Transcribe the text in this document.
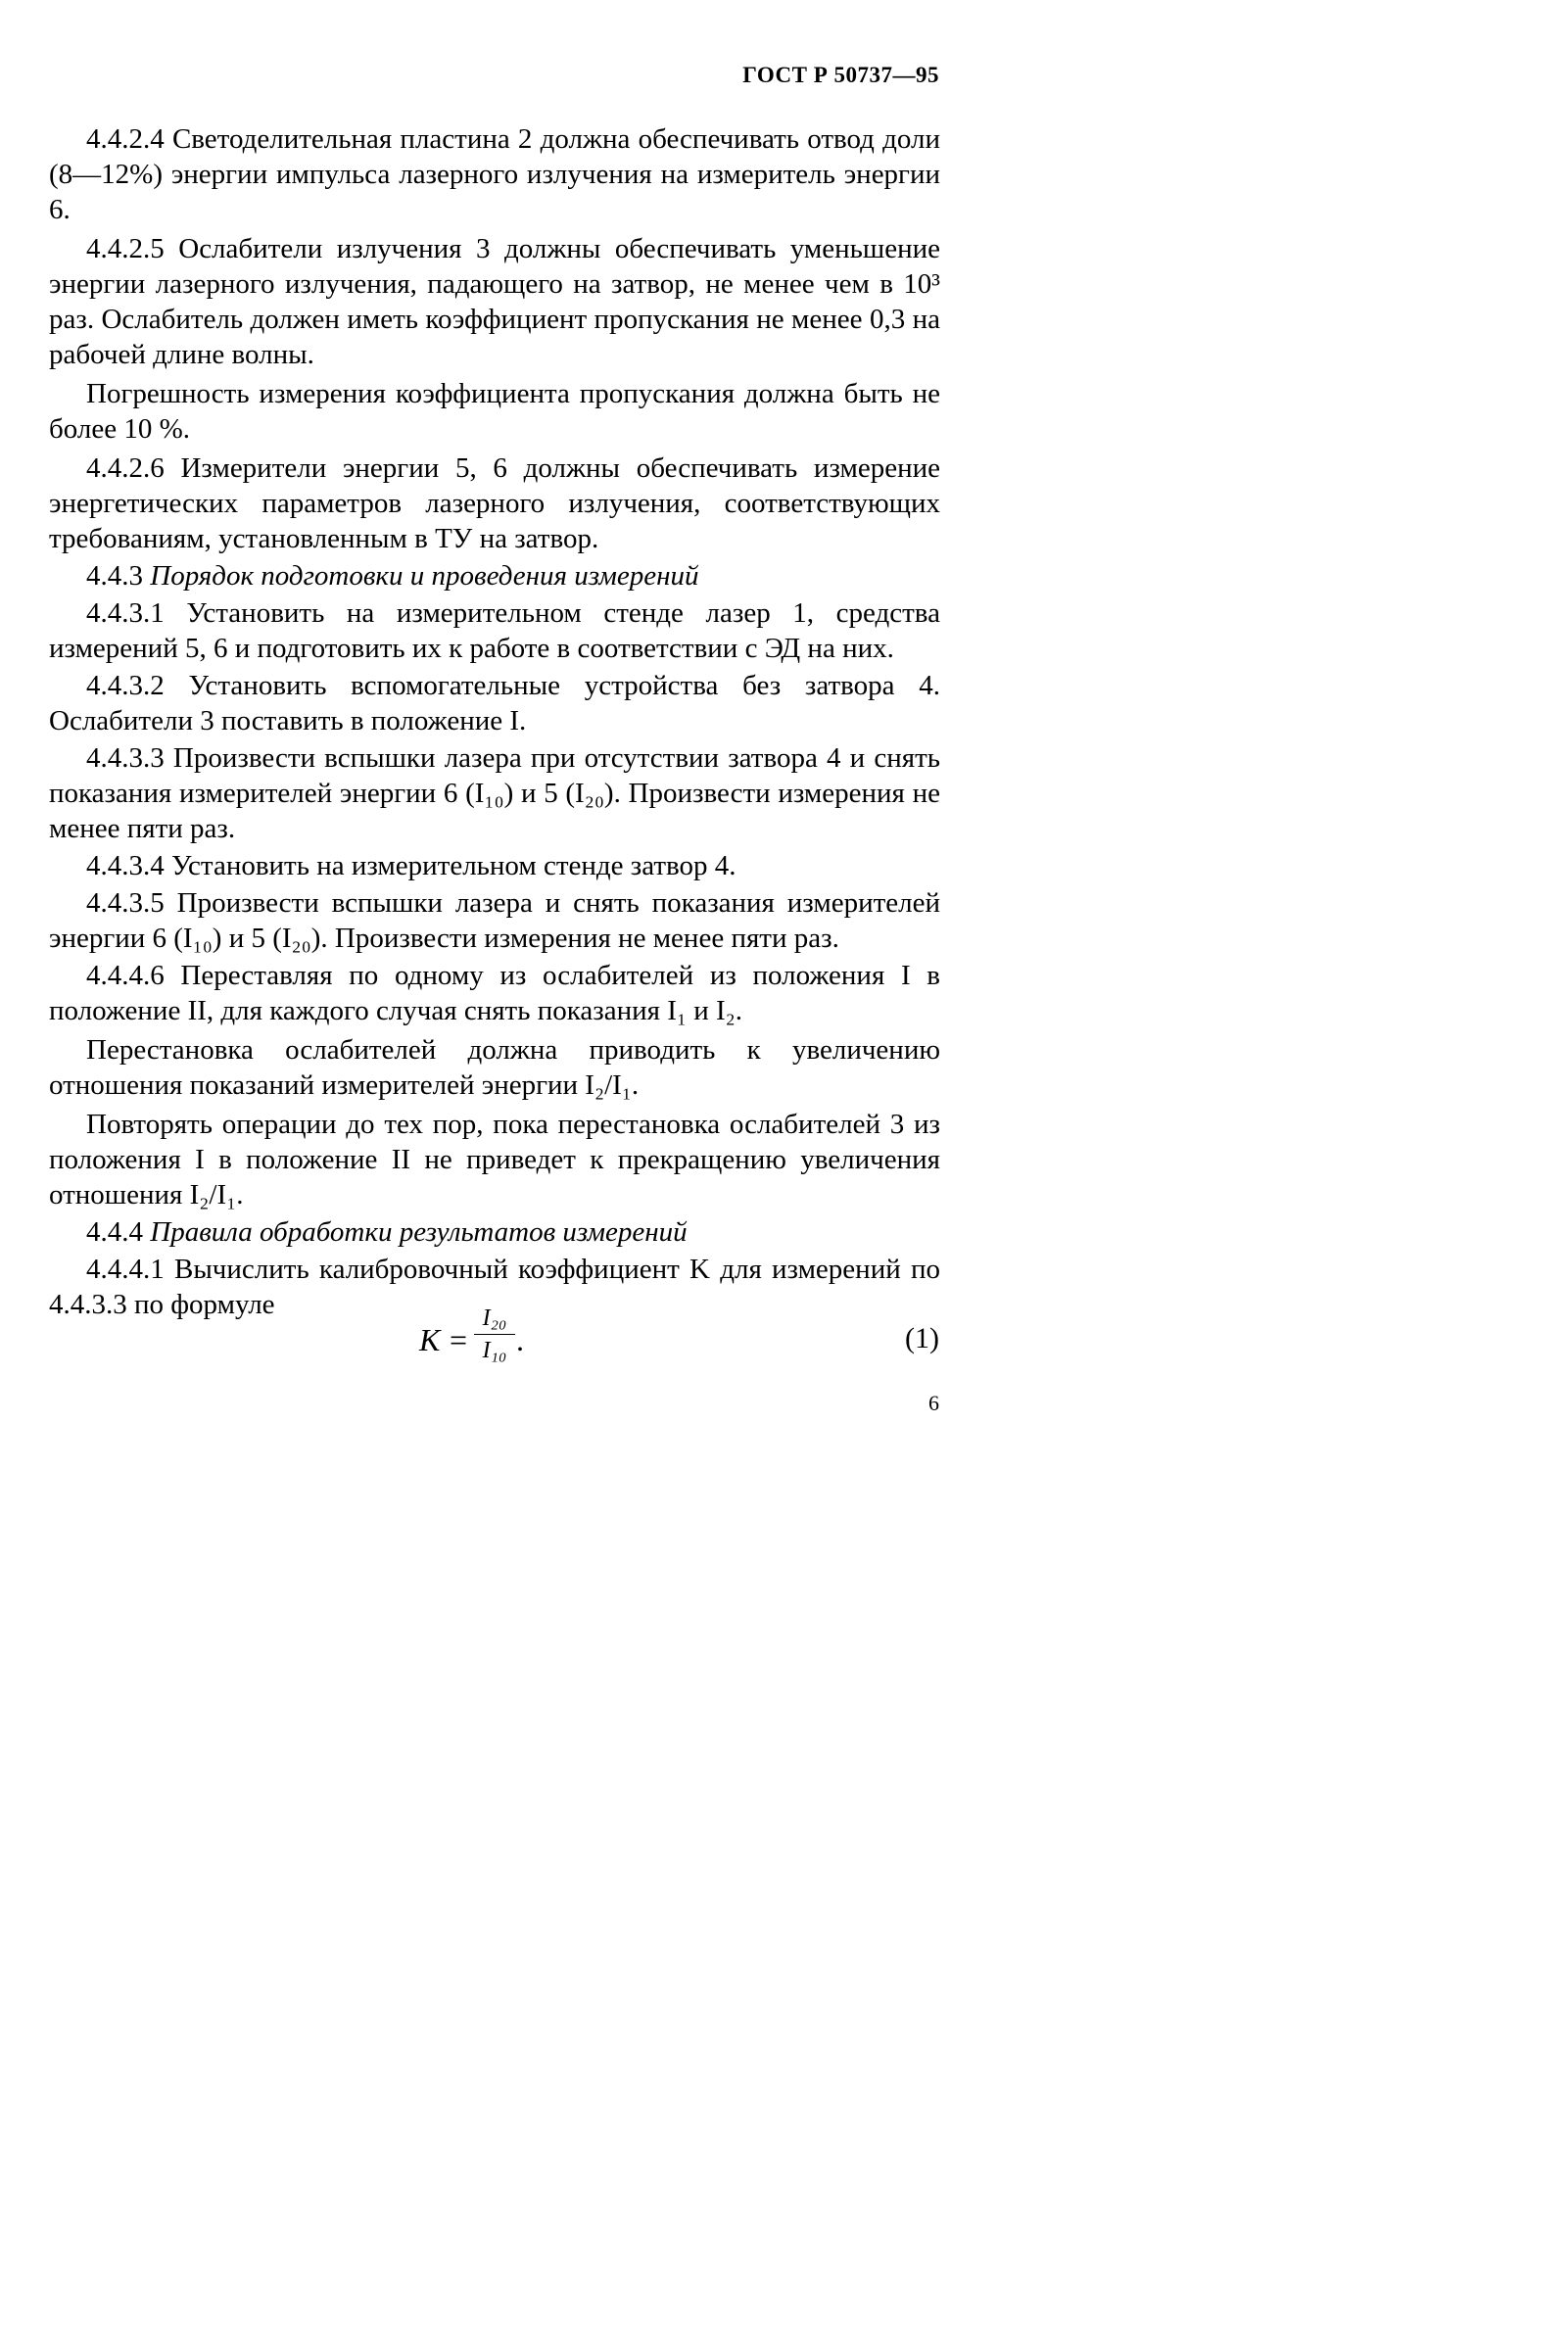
ГОСТ Р 50737—95

4.4.2.4 Светоделительная пластина 2 должна обеспечивать отвод доли (8—12%) энергии импульса лазерного излучения на измеритель энергии 6.

4.4.2.5 Ослабители излучения 3 должны обеспечивать уменьшение энергии лазерного излучения, падающего на затвор, не менее чем в 10³ раз. Ослабитель должен иметь коэффициент пропускания не менее 0,3 на рабочей длине волны.

Погрешность измерения коэффициента пропускания должна быть не более 10 %.

4.4.2.6 Измерители энергии 5, 6 должны обеспечивать измерение энергетических параметров лазерного излучения, соответствующих требованиям, установленным в ТУ на затвор.

4.4.3 Порядок подготовки и проведения измерений

4.4.3.1 Установить на измерительном стенде лазер 1, средства измерений 5, 6 и подготовить их к работе в соответствии с ЭД на них.

4.4.3.2 Установить вспомогательные устройства без затвора 4. Ослабители 3 поставить в положение I.

4.4.3.3 Произвести вспышки лазера при отсутствии затвора 4 и снять показания измерителей энергии 6 (I₁₀) и 5 (I₂₀). Произвести измерения не менее пяти раз.

4.4.3.4 Установить на измерительном стенде затвор 4.

4.4.3.5 Произвести вспышки лазера и снять показания измерителей энергии 6 (I₁₀) и 5 (I₂₀). Произвести измерения не менее пяти раз.

4.4.4.6 Переставляя по одному из ослабителей из положения I в положение II, для каждого случая снять показания I₁ и I₂.

Перестановка ослабителей должна приводить к увеличению отношения показаний измерителей энергии I₂/I₁.

Повторять операции до тех пор, пока перестановка ослабителей 3 из положения I в положение II не приведет к прекращению увеличения отношения I₂/I₁.

4.4.4 Правила обработки результатов измерений

4.4.4.1 Вычислить калибровочный коэффициент K для измерений по 4.4.3.3 по формуле

K =
I₂₀
I₁₀ .	(1)
6
